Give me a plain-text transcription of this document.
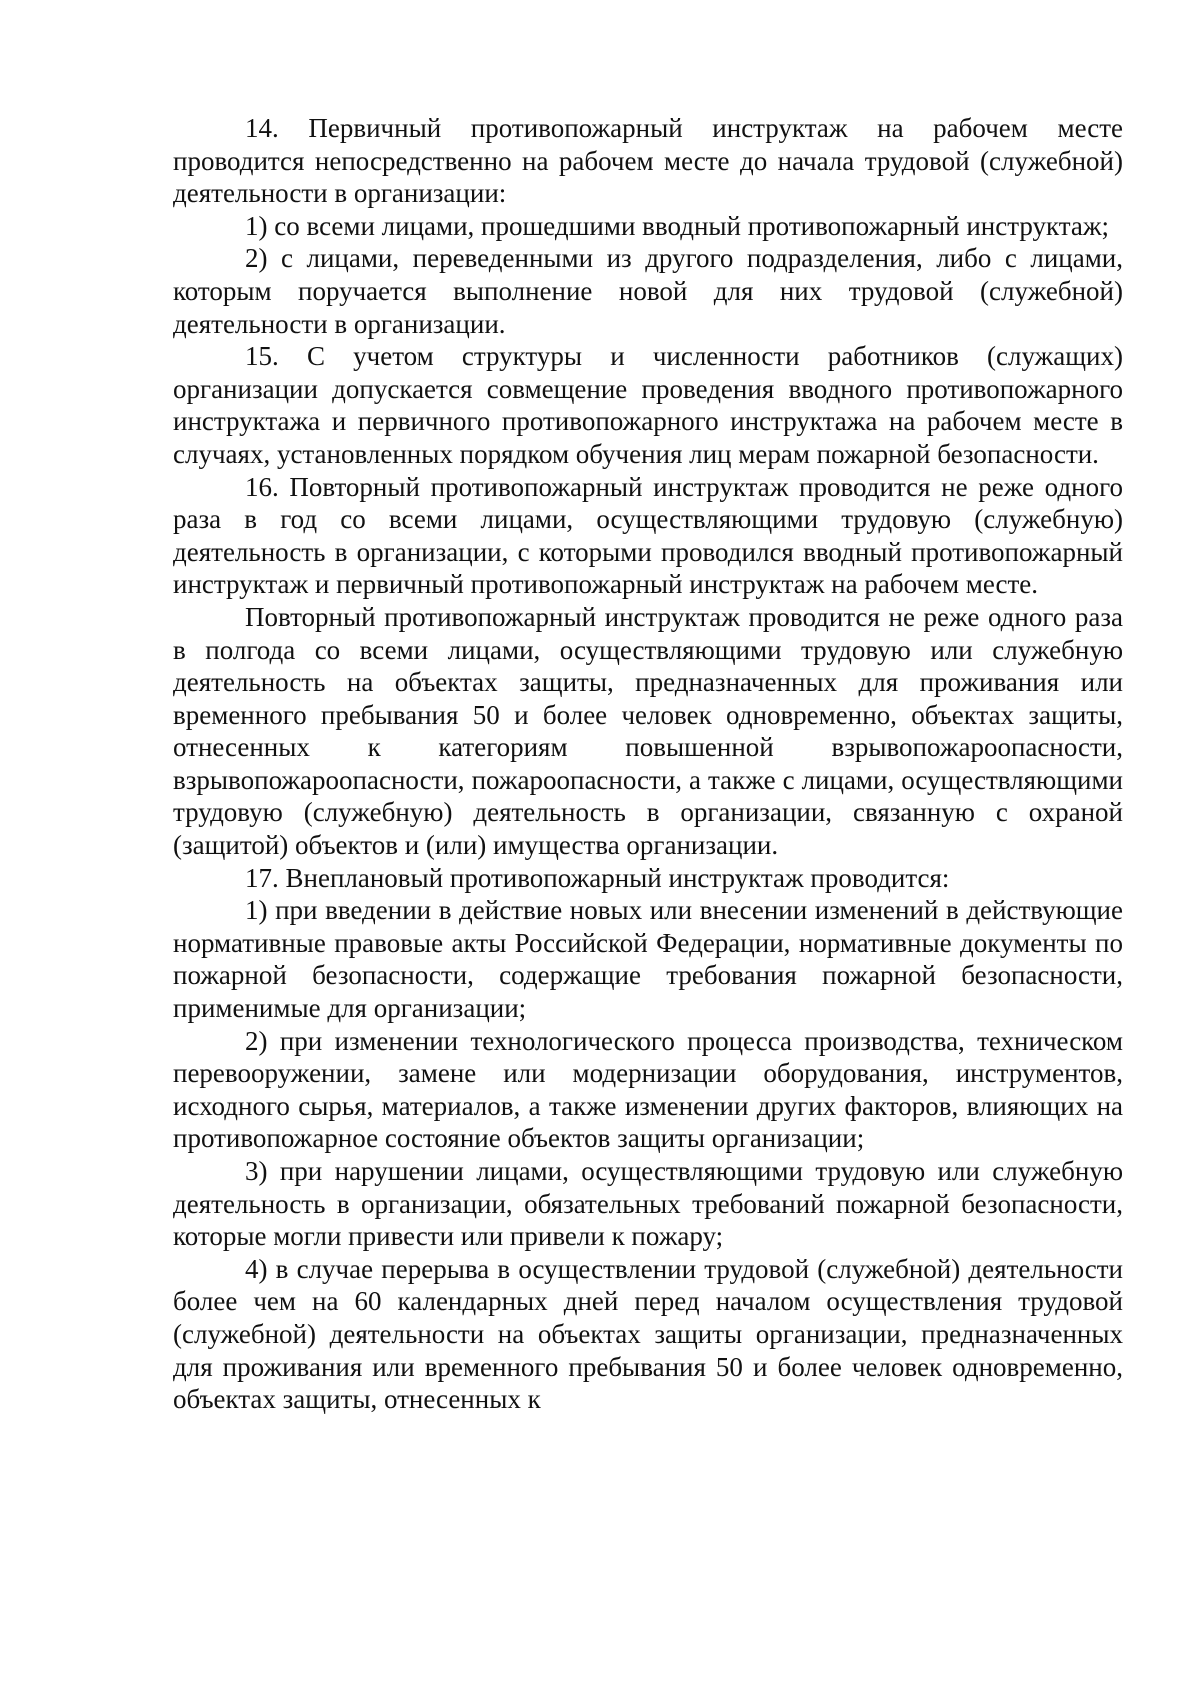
14. Первичный противопожарный инструктаж на рабочем месте проводится непосредственно на рабочем месте до начала трудовой (служебной) деятельности в организации:

1) со всеми лицами, прошедшими вводный противопожарный инструктаж;

2) с лицами, переведенными из другого подразделения, либо с лицами, которым поручается выполнение новой для них трудовой (служебной) деятельности в организации.

15. С учетом структуры и численности работников (служащих) организации допускается совмещение проведения вводного противопожарного инструктажа и первичного противопожарного инструктажа на рабочем месте в случаях, установленных порядком обучения лиц мерам пожарной безопасности.

16. Повторный противопожарный инструктаж проводится не реже одного раза в год со всеми лицами, осуществляющими трудовую (служебную) деятельность в организации, с которыми проводился вводный противопожарный инструктаж и первичный противопожарный инструктаж на рабочем месте.

Повторный противопожарный инструктаж проводится не реже одного раза в полгода со всеми лицами, осуществляющими трудовую или служебную деятельность на объектах защиты, предназначенных для проживания или временного пребывания 50 и более человек одновременно, объектах защиты, отнесенных к категориям повышенной взрывопожароопасности, взрывопожароопасности, пожароопасности, а также с лицами, осуществляющими трудовую (служебную) деятельность в организации, связанную с охраной (защитой) объектов и (или) имущества организации.

17. Внеплановый противопожарный инструктаж проводится:

1) при введении в действие новых или внесении изменений в действующие нормативные правовые акты Российской Федерации, нормативные документы по пожарной безопасности, содержащие требования пожарной безопасности, применимые для организации;

2) при изменении технологического процесса производства, техническом перевооружении, замене или модернизации оборудования, инструментов, исходного сырья, материалов, а также изменении других факторов, влияющих на противопожарное состояние объектов защиты организации;

3) при нарушении лицами, осуществляющими трудовую или служебную деятельность в организации, обязательных требований пожарной безопасности, которые могли привести или привели к пожару;

4) в случае перерыва в осуществлении трудовой (служебной) деятельности более чем на 60 календарных дней перед началом осуществления трудовой (служебной) деятельности на объектах защиты организации, предназначенных для проживания или временного пребывания 50 и более человек одновременно, объектах защиты, отнесенных к
